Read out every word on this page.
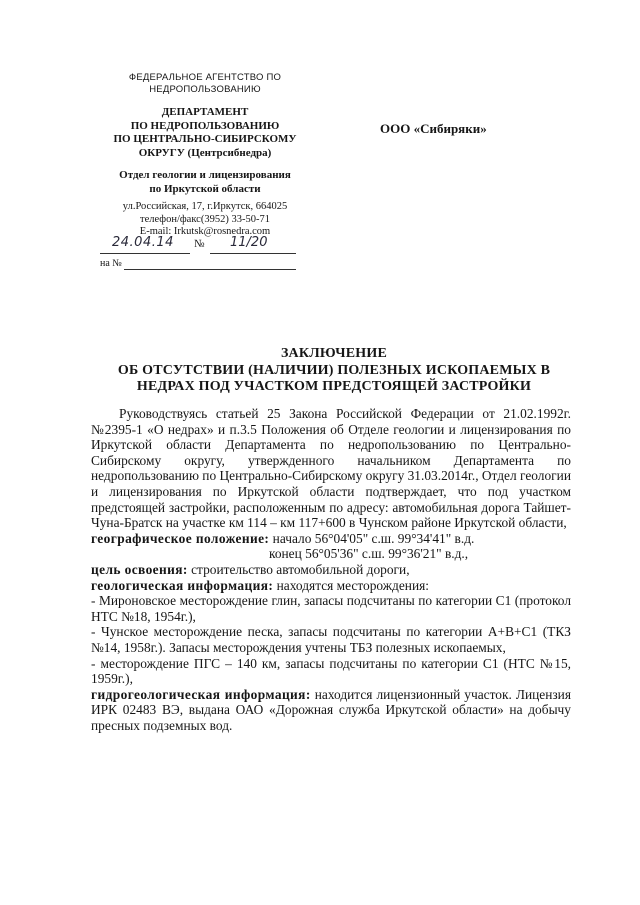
ФЕДЕРАЛЬНОЕ АГЕНТСТВО ПО НЕДРОПОЛЬЗОВАНИЮ
ДЕПАРТАМЕНТ
ПО НЕДРОПОЛЬЗОВАНИЮ
ПО ЦЕНТРАЛЬНО-СИБИРСКОМУ
ОКРУГУ (Центрсибнедра)
Отдел геологии и лицензирования
по Иркутской области
ул.Российская, 17, г.Иркутск, 664025
телефон/факс(3952) 33-50-71
E-mail: Irkutsk@rosnedra.com
24.04.14 № 11/20
на №
ООО «Сибиряки»
ЗАКЛЮЧЕНИЕ
ОБ ОТСУТСТВИИ (НАЛИЧИИ) ПОЛЕЗНЫХ ИСКОПАЕМЫХ В
НЕДРАХ ПОД УЧАСТКОМ ПРЕДСТОЯЩЕЙ ЗАСТРОЙКИ

Руководствуясь статьей 25 Закона Российской Федерации от 21.02.1992г. №2395-1 «О недрах» и п.3.5 Положения об Отделе геологии и лицензирования по Иркутской области Департамента по недропользованию по Центрально-Сибирскому округу, утвержденного начальником Департамента по недропользованию по Центрально-Сибирскому округу 31.03.2014г., Отдел геологии и лицензирования по Иркутской области подтверждает, что под участком предстоящей застройки, расположенным по адресу: автомобильная дорога Тайшет-Чуна-Братск на участке км 114 – км 117+600 в Чунском районе Иркутской области,

географическое положение: начало 56°04'05" с.ш. 99°34'41" в.д.

конец 56°05'36" с.ш. 99°36'21" в.д.,

цель освоения: строительство автомобильной дороги,

геологическая информация: находятся месторождения:

- Мироновское месторождение глин, запасы подсчитаны по категории С1 (протокол НТС №18, 1954г.),

- Чунское месторождение песка, запасы подсчитаны по категории А+В+С1 (ТКЗ №14, 1958г.). Запасы месторождения учтены ТБЗ полезных ископаемых,

- месторождение ПГС – 140 км, запасы подсчитаны по категории С1 (НТС №15, 1959г.),

гидрогеологическая информация: находится лицензионный участок. Лицензия ИРК 02483 ВЭ, выдана ОАО «Дорожная служба Иркутской области» на добычу пресных подземных вод.
